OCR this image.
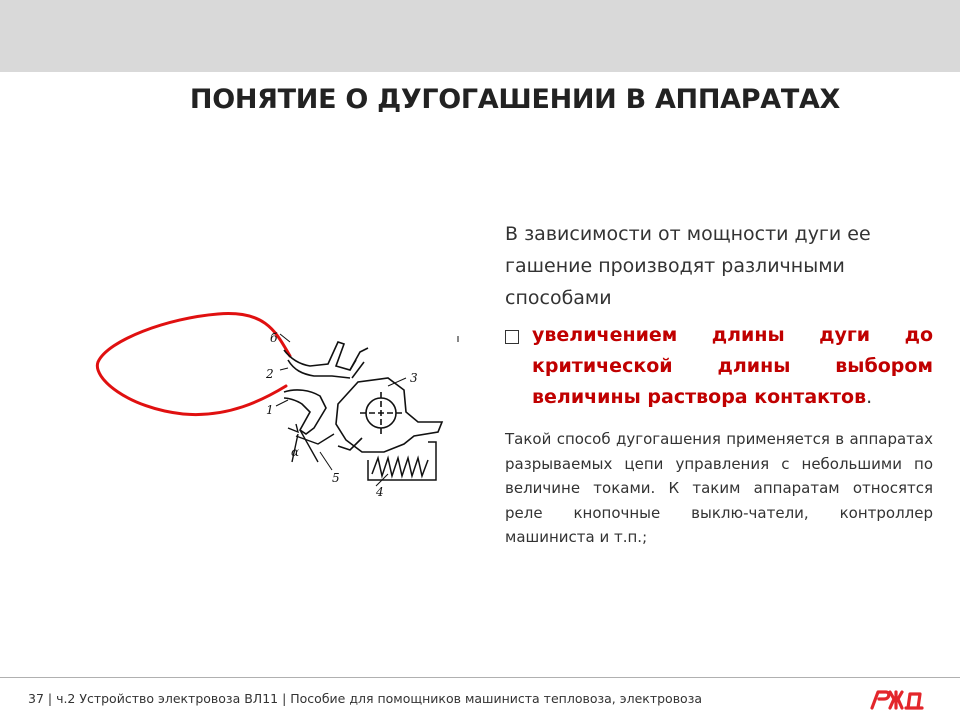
ПОНЯТИЕ О ДУГОГАШЕНИИ В АППАРАТАХ
б
2
1
3
α
5
4

В зависимости от мощности дуги ее гашение производят различными способами

увеличением длины дуги до критической длины выбором величины раствора контактов.

Такой способ дугогашения применяется в аппаратах разрываемых цепи управления с небольшими по величине токами. К таким аппаратам относятся реле кнопочные выклю-чатели, контроллер машиниста и т.п.;

37 | ч.2 Устройство электровоза ВЛ11 | Пособие для помощников машиниста тепловоза, электровоза
